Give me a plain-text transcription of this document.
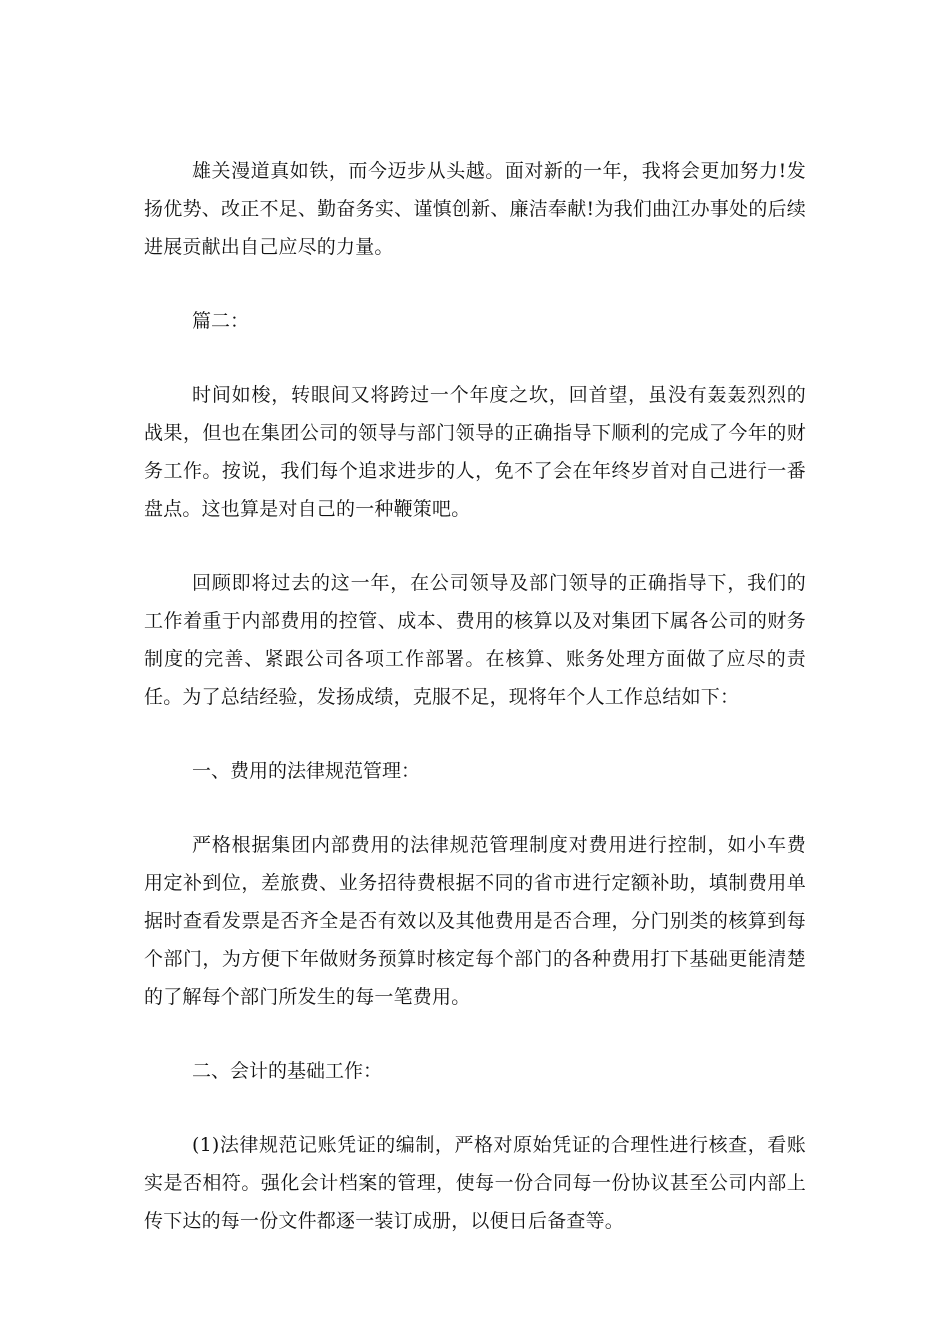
雄关漫道真如铁，而今迈步从头越。面对新的一年，我将会更加努力!发扬优势、改正不足、勤奋务实、谨慎创新、廉洁奉献!为我们曲江办事处的后续进展贡献出自己应尽的力量。

篇二：

时间如梭，转眼间又将跨过一个年度之坎，回首望，虽没有轰轰烈烈的战果，但也在集团公司的领导与部门领导的正确指导下顺利的完成了今年的财务工作。按说，我们每个追求进步的人，免不了会在年终岁首对自己进行一番盘点。这也算是对自己的一种鞭策吧。

回顾即将过去的这一年，在公司领导及部门领导的正确指导下，我们的工作着重于内部费用的控管、成本、费用的核算以及对集团下属各公司的财务制度的完善、紧跟公司各项工作部署。在核算、账务处理方面做了应尽的责任。为了总结经验，发扬成绩，克服不足，现将年个人工作总结如下：

一、费用的法律规范管理：

严格根据集团内部费用的法律规范管理制度对费用进行控制，如小车费用定补到位，差旅费、业务招待费根据不同的省市进行定额补助，填制费用单据时查看发票是否齐全是否有效以及其他费用是否合理，分门别类的核算到每个部门，为方便下年做财务预算时核定每个部门的各种费用打下基础更能清楚的了解每个部门所发生的每一笔费用。

二、会计的基础工作：

(1)法律规范记账凭证的编制，严格对原始凭证的合理性进行核查，看账实是否相符。强化会计档案的管理，使每一份合同每一份协议甚至公司内部上传下达的每一份文件都逐一装订成册，以便日后备查等。
